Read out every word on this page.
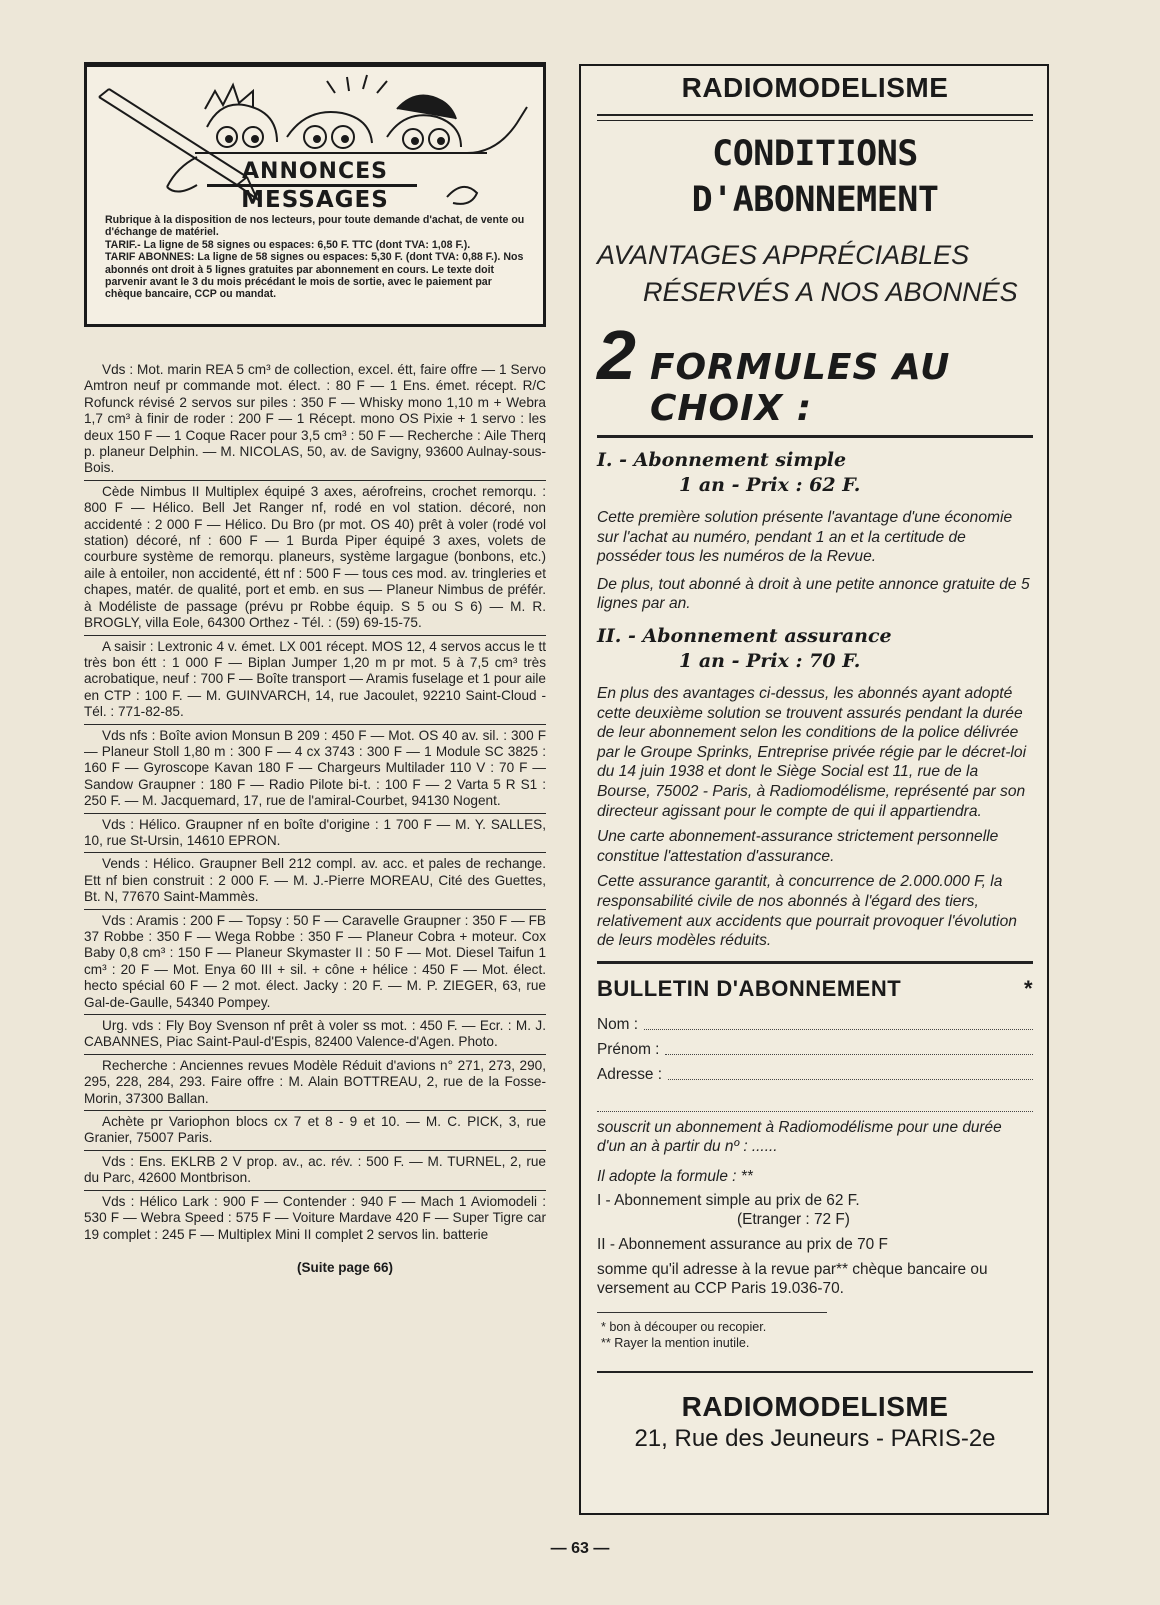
ANNONCES
MESSAGES

Rubrique à la disposition de nos lecteurs, pour toute demande d'achat, de vente ou d'échange de matériel.

TARIF.- La ligne de 58 signes ou espaces: 6,50 F. TTC (dont TVA: 1,08 F.).

TARIF ABONNES: La ligne de 58 signes ou espaces: 5,30 F. (dont TVA: 0,88 F.). Nos abonnés ont droit à 5 lignes gratuites par abonnement en cours. Le texte doit parvenir avant le 3 du mois précédant le mois de sortie, avec le paiement par chèque bancaire, CCP ou mandat.

Vds : Mot. marin REA 5 cm³ de collection, excel. étt, faire offre — 1 Servo Amtron neuf pr commande mot. élect. : 80 F — 1 Ens. émet. récept. R/C Rofunck révisé 2 servos sur piles : 350 F — Whisky mono 1,10 m + Webra 1,7 cm³ à finir de roder : 200 F — 1 Récept. mono OS Pixie + 1 servo : les deux 150 F — 1 Coque Racer pour 3,5 cm³ : 50 F — Recherche : Aile Therq p. planeur Delphin. — M. NICOLAS, 50, av. de Savigny, 93600 Aulnay-sous-Bois.

Cède Nimbus II Multiplex équipé 3 axes, aérofreins, crochet remorqu. : 800 F — Hélico. Bell Jet Ranger nf, rodé en vol station. décoré, non accidenté : 2 000 F — Hélico. Du Bro (pr mot. OS 40) prêt à voler (rodé vol station) décoré, nf : 600 F — 1 Burda Piper équipé 3 axes, volets de courbure système de remorqu. planeurs, système largague (bonbons, etc.) aile à entoiler, non accidenté, étt nf : 500 F — tous ces mod. av. tringleries et chapes, matér. de qualité, port et emb. en sus — Planeur Nimbus de préfér. à Modéliste de passage (prévu pr Robbe équip. S 5 ou S 6) — M. R. BROGLY, villa Eole, 64300 Orthez - Tél. : (59) 69-15-75.

A saisir : Lextronic 4 v. émet. LX 001 récept. MOS 12, 4 servos accus le tt très bon étt : 1 000 F — Biplan Jumper 1,20 m pr mot. 5 à 7,5 cm³ très acrobatique, neuf : 700 F — Boîte transport — Aramis fuselage et 1 pour aile en CTP : 100 F. — M. GUINVARCH, 14, rue Jacoulet, 92210 Saint-Cloud - Tél. : 771-82-85.

Vds nfs : Boîte avion Monsun B 209 : 450 F — Mot. OS 40 av. sil. : 300 F — Planeur Stoll 1,80 m : 300 F — 4 cx 3743 : 300 F — 1 Module SC 3825 : 160 F — Gyroscope Kavan 180 F — Chargeurs Multilader 110 V : 70 F — Sandow Graupner : 180 F — Radio Pilote bi-t. : 100 F — 2 Varta 5 R S1 : 250 F. — M. Jacquemard, 17, rue de l'amiral-Courbet, 94130 Nogent.

Vds : Hélico. Graupner nf en boîte d'origine : 1 700 F — M. Y. SALLES, 10, rue St-Ursin, 14610 EPRON.

Vends : Hélico. Graupner Bell 212 compl. av. acc. et pales de rechange. Ett nf bien construit : 2 000 F. — M. J.-Pierre MOREAU, Cité des Guettes, Bt. N, 77670 Saint-Mammès.

Vds : Aramis : 200 F — Topsy : 50 F — Caravelle Graupner : 350 F — FB 37 Robbe : 350 F — Wega Robbe : 350 F — Planeur Cobra + moteur. Cox Baby 0,8 cm³ : 150 F — Planeur Skymaster II : 50 F — Mot. Diesel Taifun 1 cm³ : 20 F — Mot. Enya 60 III + sil. + cône + hélice : 450 F — Mot. élect. hecto spécial 60 F — 2 mot. élect. Jacky : 20 F. — M. P. ZIEGER, 63, rue Gal-de-Gaulle, 54340 Pompey.

Urg. vds : Fly Boy Svenson nf prêt à voler ss mot. : 450 F. — Ecr. : M. J. CABANNES, Piac Saint-Paul-d'Espis, 82400 Valence-d'Agen. Photo.

Recherche : Anciennes revues Modèle Réduit d'avions n° 271, 273, 290, 295, 228, 284, 293. Faire offre : M. Alain BOTTREAU, 2, rue de la Fosse-Morin, 37300 Ballan.

Achète pr Variophon blocs cx 7 et 8 - 9 et 10. — M. C. PICK, 3, rue Granier, 75007 Paris.

Vds : Ens. EKLRB 2 V prop. av., ac. rév. : 500 F. — M. TURNEL, 2, rue du Parc, 42600 Montbrison.

Vds : Hélico Lark : 900 F — Contender : 940 F — Mach 1 Aviomodeli : 530 F — Webra Speed : 575 F — Voiture Mardave 420 F — Super Tigre car 19 complet : 245 F — Multiplex Mini II complet 2 servos lin. batterie

(Suite page 66)
RADIOMODELISME
CONDITIONS
D'ABONNEMENT
AVANTAGES APPRÉCIABLES
RÉSERVÉS A NOS ABONNÉS
2 FORMULES AU CHOIX :
I. - Abonnement simple
1 an - Prix : 62 F.

Cette première solution présente l'avantage d'une économie sur l'achat au numéro, pendant 1 an et la certitude de posséder tous les numéros de la Revue.

De plus, tout abonné à droit à une petite annonce gratuite de 5 lignes par an.

II. - Abonnement assurance
1 an - Prix : 70 F.

En plus des avantages ci-dessus, les abonnés ayant adopté cette deuxième solution se trouvent assurés pendant la durée de leur abonnement selon les conditions de la police délivrée par le Groupe Sprinks, Entreprise privée régie par le décret-loi du 14 juin 1938 et dont le Siège Social est 11, rue de la Bourse, 75002 - Paris, à Radiomodélisme, représenté par son directeur agissant pour le compte de qui il appartiendra.

Une carte abonnement-assurance strictement personnelle constitue l'attestation d'assurance.

Cette assurance garantit, à concurrence de 2.000.000 F, la responsabilité civile de nos abonnés à l'égard des tiers, relativement aux accidents que pourrait provoquer l'évolution de leurs modèles réduits.

BULLETIN D'ABONNEMENT	*
Nom :
Prénom :
Adresse :

souscrit un abonnement à Radiomodélisme pour une durée d'un an à partir du nº : ......

Il adopte la formule : **

I - Abonnement simple au prix de 62 F.

(Etranger : 72 F)

II - Abonnement assurance au prix de 70 F

somme qu'il adresse à la revue par** chèque bancaire ou versement au CCP Paris 19.036-70.

* bon à découper ou recopier.
** Rayer la mention inutile.
RADIOMODELISME
21, Rue des Jeuneurs - PARIS-2e
— 63 —
